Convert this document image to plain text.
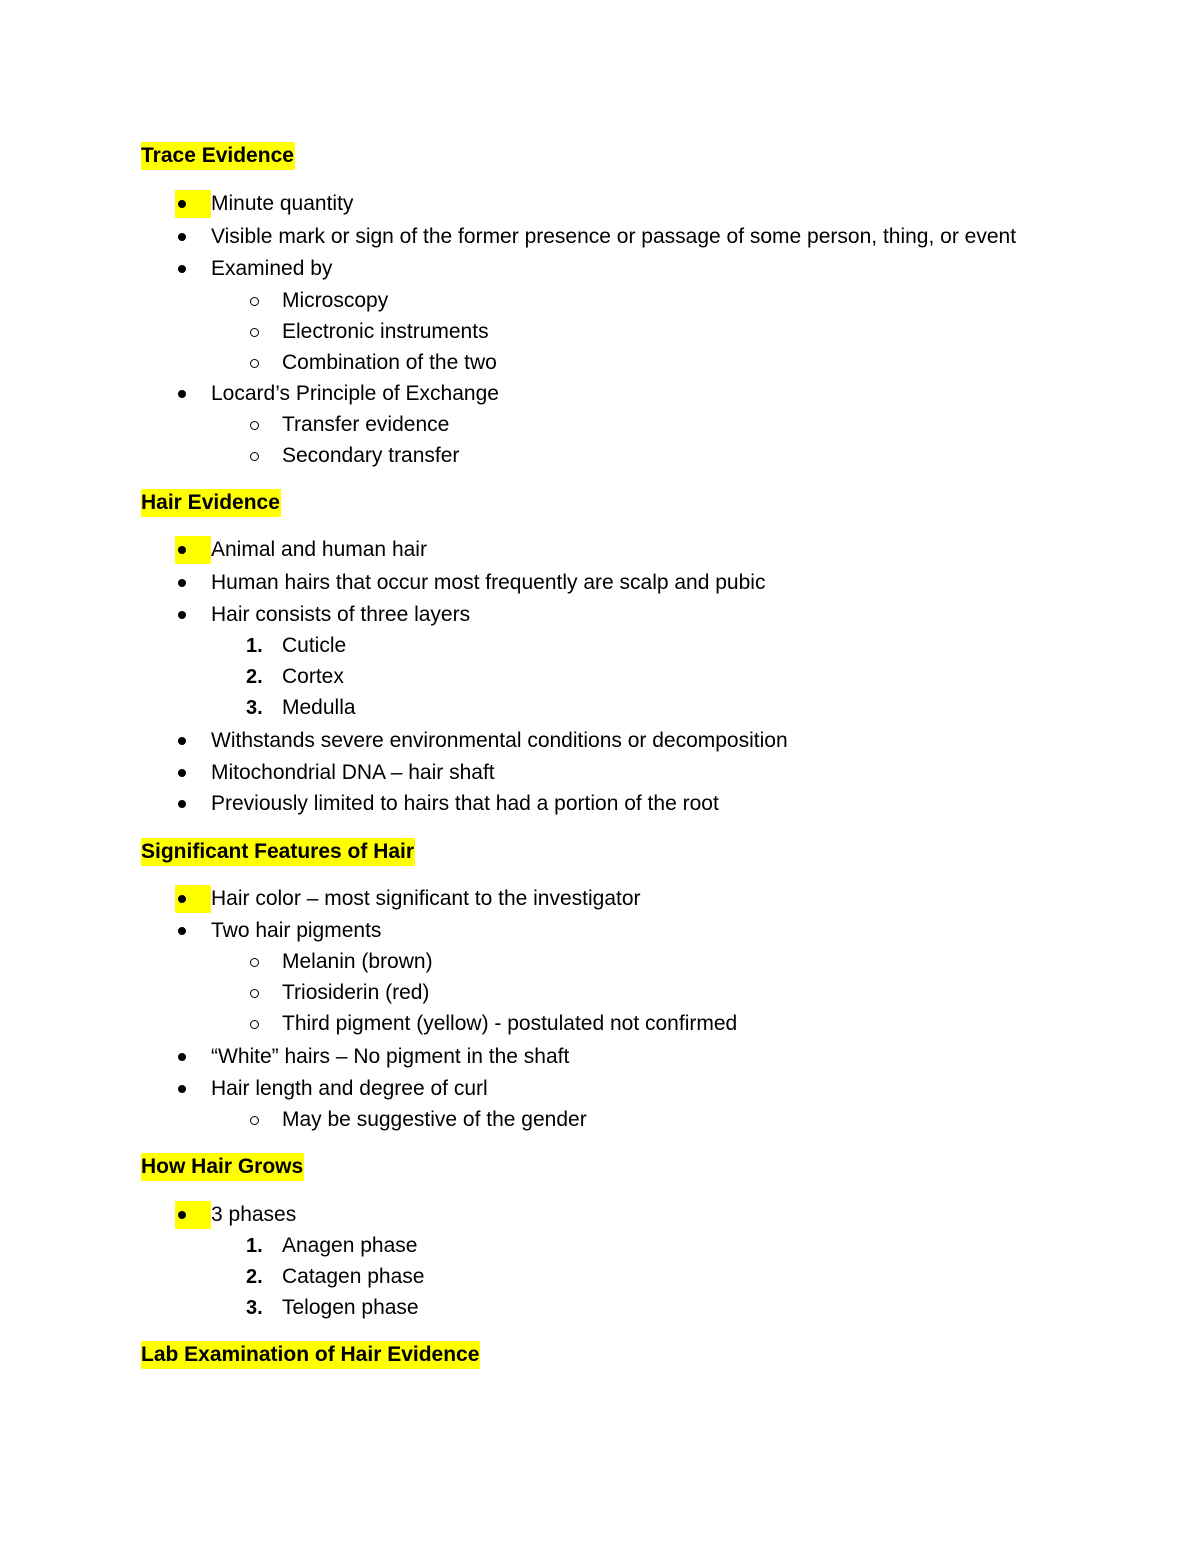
Trace Evidence
Minute quantity
Visible mark or sign of the former presence or passage of some person, thing, or event
Examined by
Microscopy
Electronic instruments
Combination of the two
Locard’s Principle of Exchange
Transfer evidence
Secondary transfer
Hair Evidence
Animal and human hair
Human hairs that occur most frequently are scalp and pubic
Hair consists of three layers
1. Cuticle
2. Cortex
3. Medulla
Withstands severe environmental conditions or decomposition
Mitochondrial DNA – hair shaft
Previously limited to hairs that had a portion of the root
Significant Features of Hair
Hair color – most significant to the investigator
Two hair pigments
Melanin (brown)
Triosiderin (red)
Third pigment (yellow) - postulated not confirmed
“White” hairs – No pigment in the shaft
Hair length and degree of curl
May be suggestive of the gender
How Hair Grows
3 phases
1. Anagen phase
2. Catagen phase
3. Telogen phase
Lab Examination of Hair Evidence
